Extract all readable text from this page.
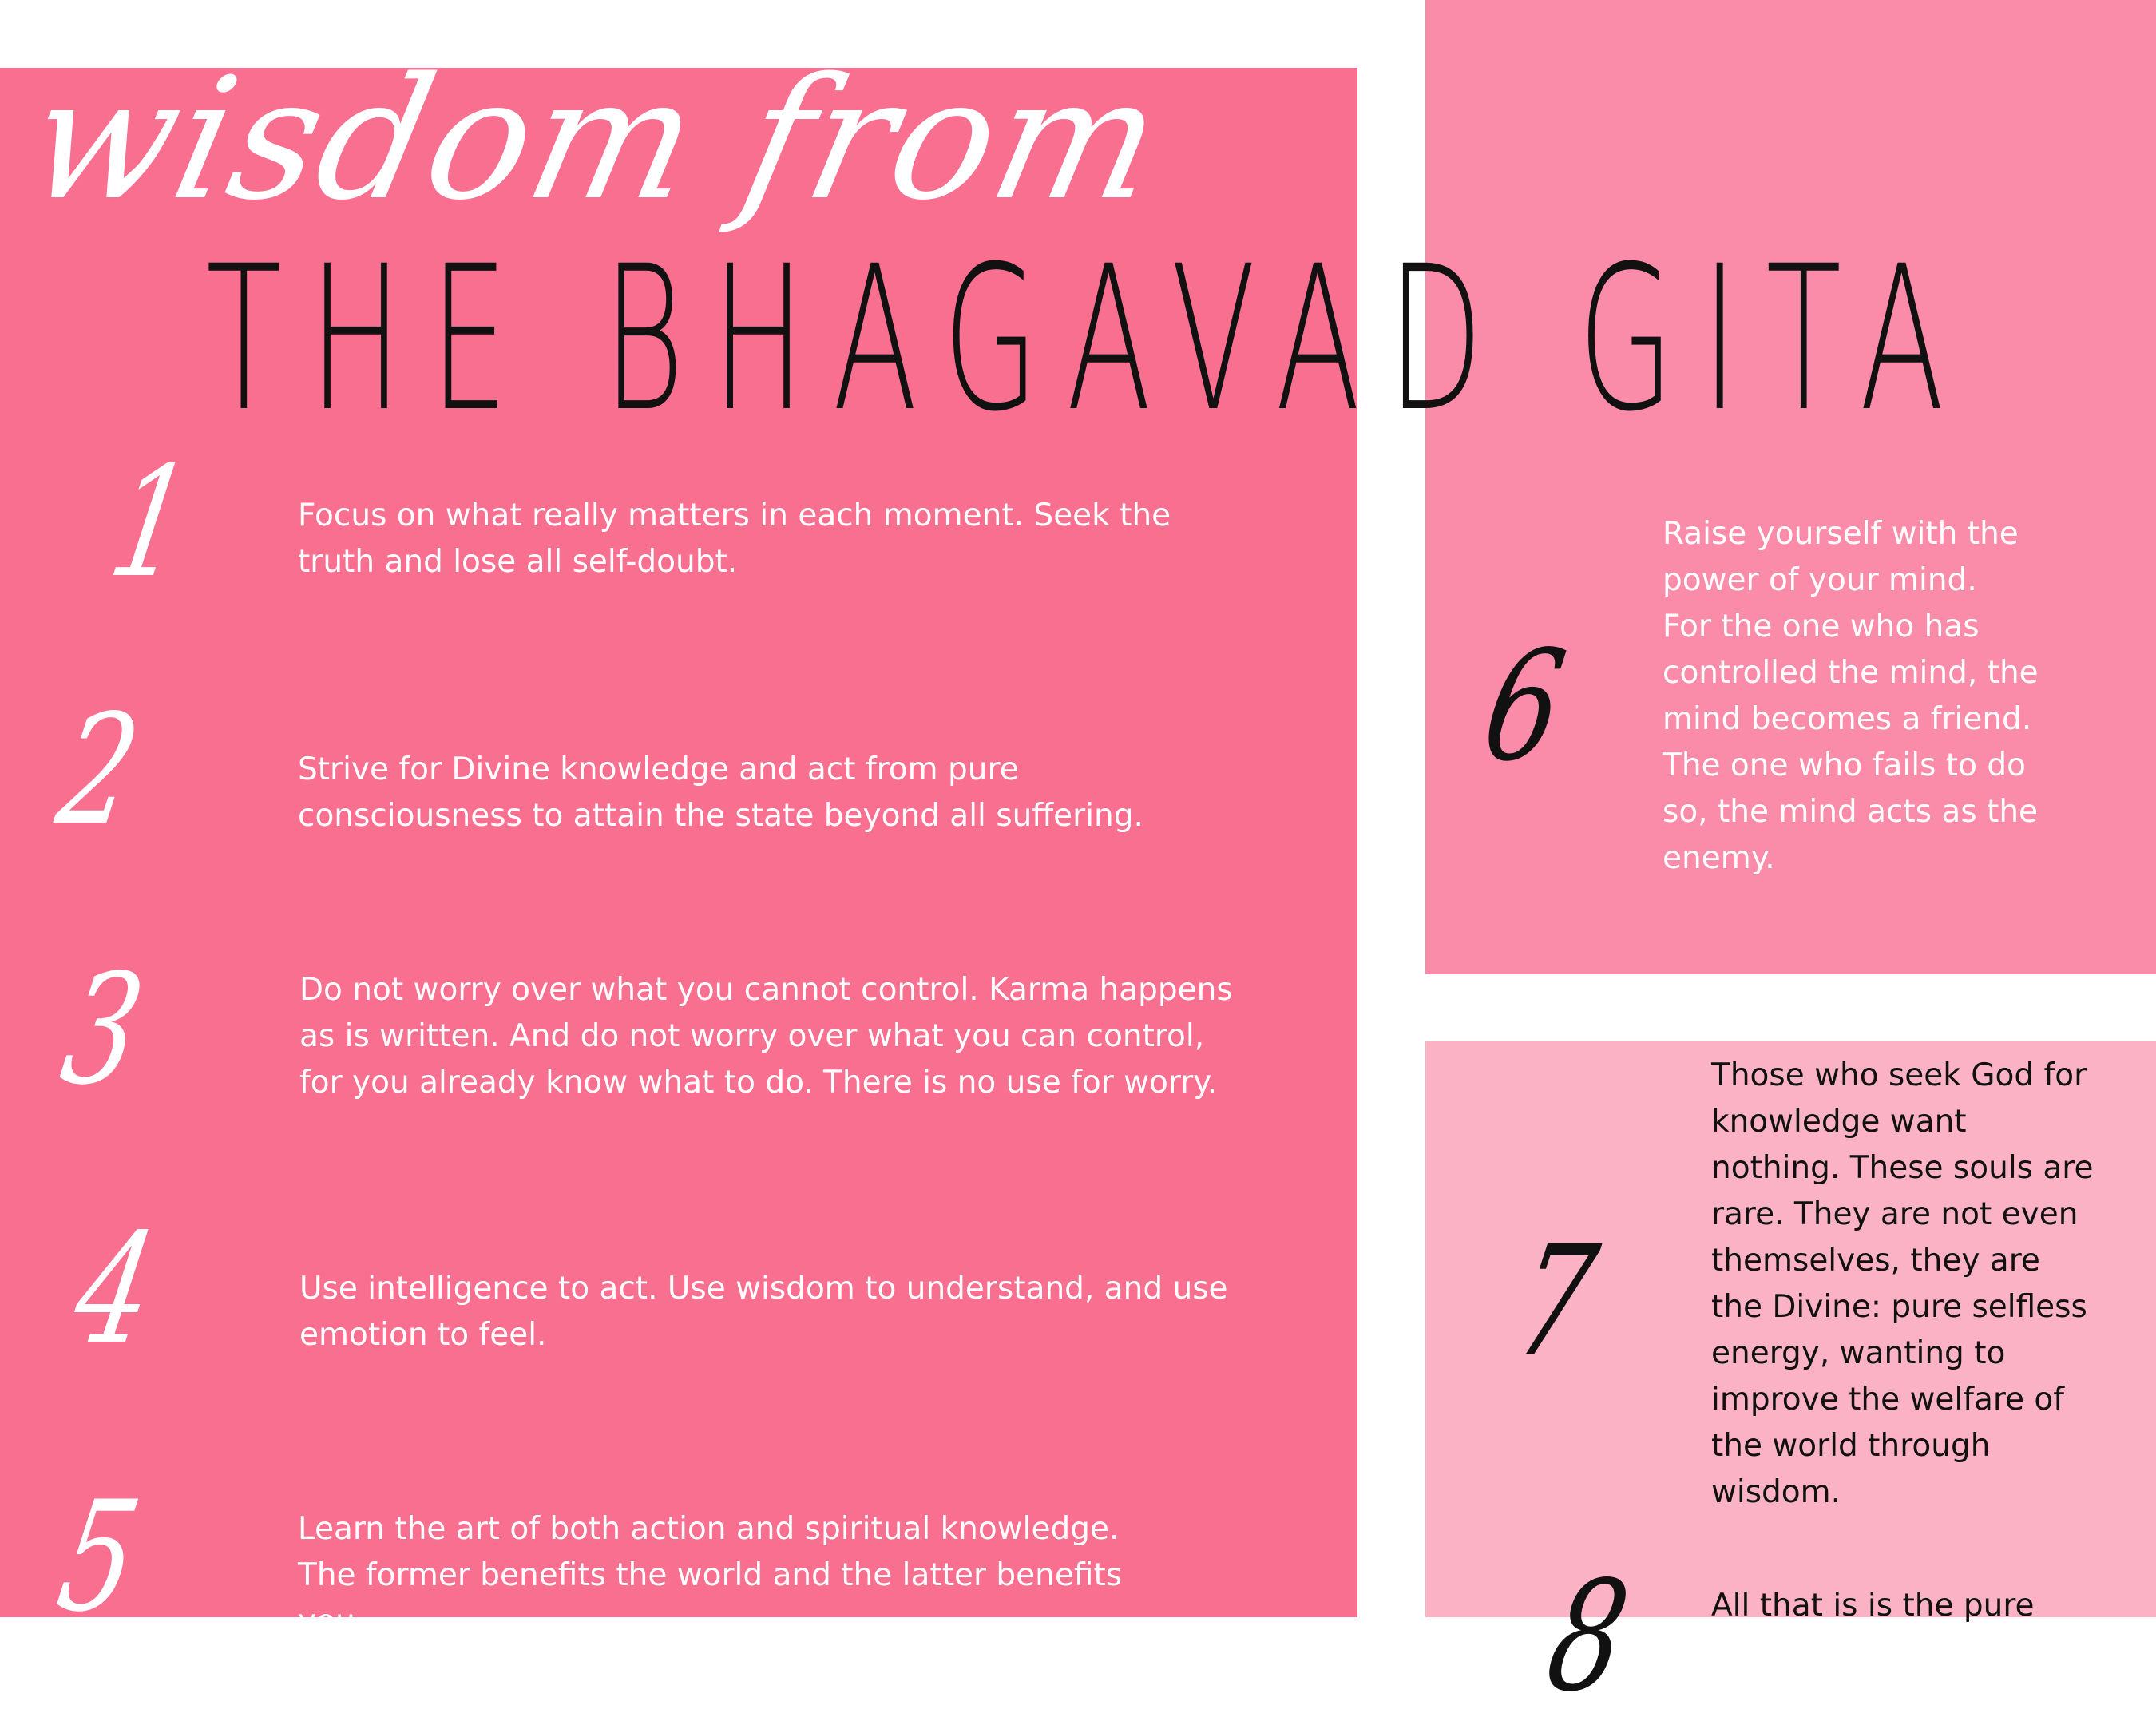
wisdom from
THE BHAGAVAD GITA
1	Focus on what really matters in each moment. Seek the
truth and lose all self-doubt.
2	Strive for Divine knowledge and act from pure
consciousness to attain the state beyond all suffering.
3	Do not worry over what you cannot control. Karma happens
as is written. And do not worry over what you can control,
for you already know what to do. There is no use for worry.
4	Use intelligence to act. Use wisdom to understand, and use
emotion to feel.
5	Learn the art of both action and spiritual knowledge.
The former benefits the world and the latter benefits
you.
6
Raise yourself with the
power of your mind.
For the one who has
controlled the mind, the
mind becomes a friend.
The one who fails to do
so, the mind acts as the
enemy.
7
Those who seek God for
knowledge want
nothing. These souls are
rare. They are not even
themselves, they are
the Divine: pure selfless
energy, wanting to
improve the welfare of
the world through
wisdom.
8 All that is is the pure
